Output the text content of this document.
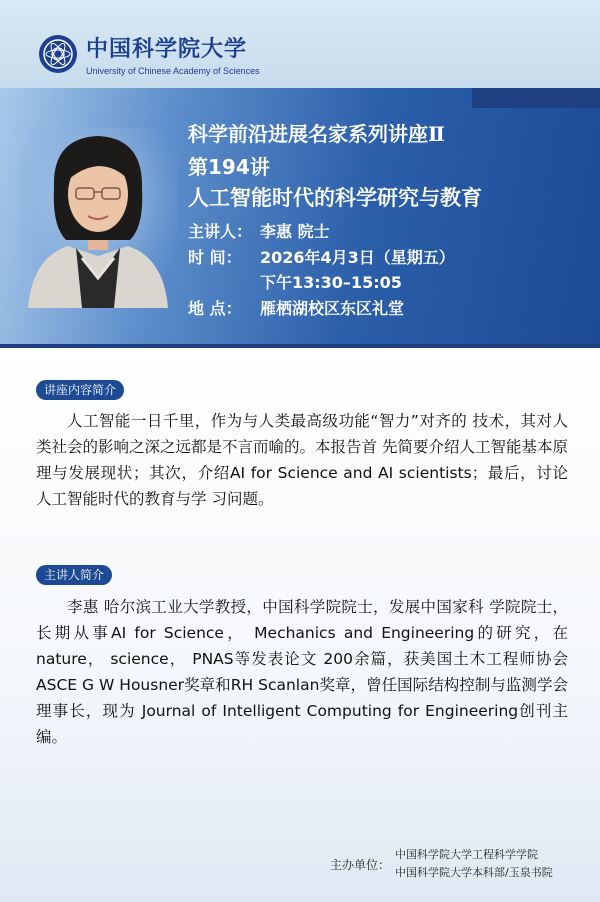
中国科学院大学
University of Chinese Academy of Sciences
科学前沿进展名家系列讲座Ⅱ
第194讲
人工智能时代的科学研究与教育
主讲人： 李惠 院士
时 间： 2026年4月3日（星期五）
下午13:30–15:05
地 点： 雁栖湖校区东区礼堂
讲座内容简介
人工智能一日千里，作为与人类最高级功能“智力”对齐的 技术，其对人类社会的影响之深之远都是不言而喻的。本报告首 先简要介绍人工智能基本原理与发展现状；其次，介绍AI for Science and AI scientists；最后，讨论人工智能时代的教育与学 习问题。
主讲人简介
李惠 哈尔滨工业大学教授，中国科学院院士，发展中国家科 学院院士，长期从事AI for Science， Mechanics and Engineering的研究，在nature， science， PNAS等发表论文 200余篇，获美国土木工程师协会 ASCE G W Housner奖章和RH Scanlan奖章，曾任国际结构控制与监测学会理事长，现为 Journal of Intelligent Computing for Engineering创刊主编。
主办单位：
中国科学院大学工程科学学院
中国科学院大学本科部/玉泉书院
